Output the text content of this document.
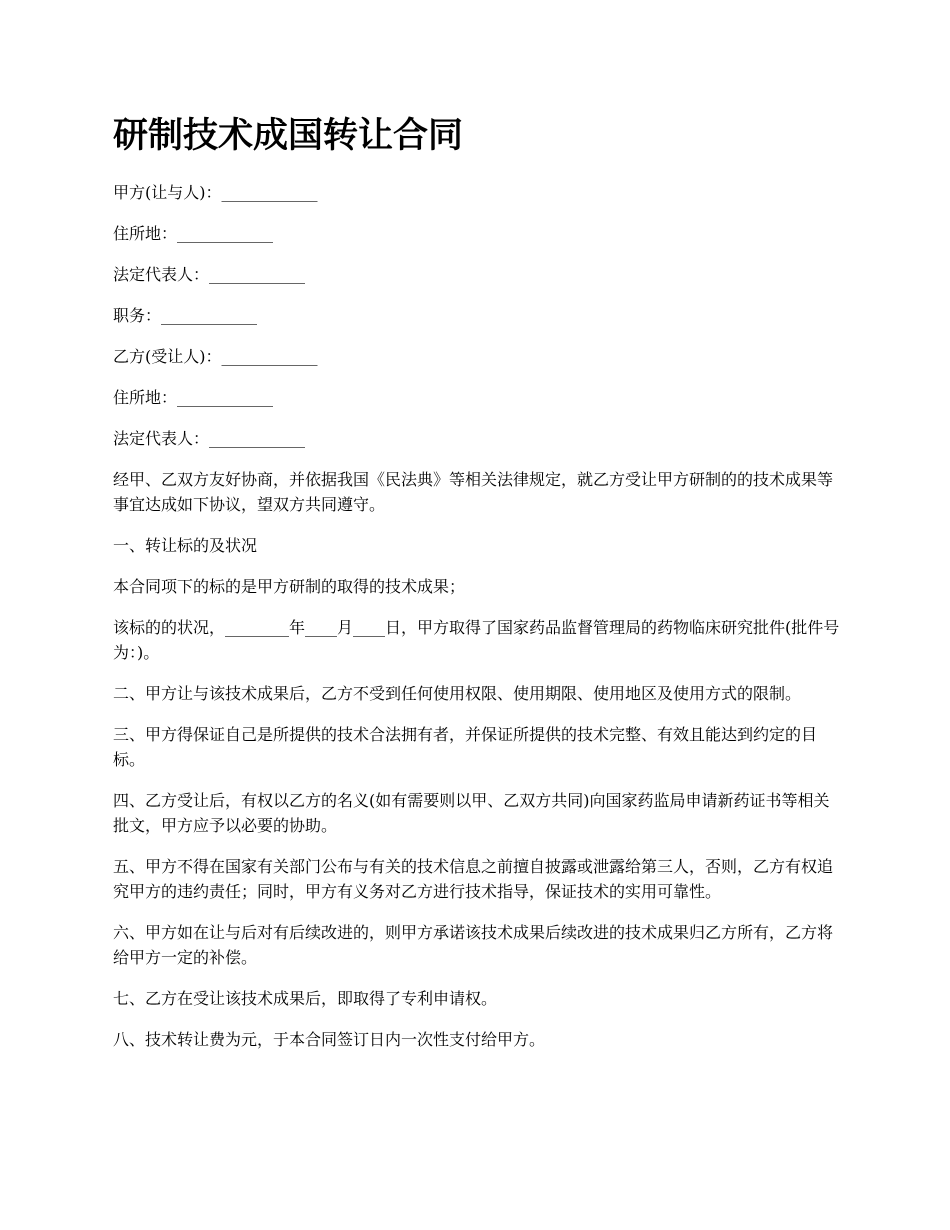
研制技术成国转让合同
甲方(让与人)：____________
住所地：____________
法定代表人：____________
职务：____________
乙方(受让人)：____________
住所地：____________
法定代表人：____________

经甲、乙双方友好协商，并依据我国《民法典》等相关法律规定，就乙方受让甲方研制的的技术成果等事宜达成如下协议，望双方共同遵守。

一、转让标的及状况

本合同项下的标的是甲方研制的取得的技术成果；

该标的的状况，________年____月____日，甲方取得了国家药品监督管理局的药物临床研究批件(批件号为：)。

二、甲方让与该技术成果后，乙方不受到任何使用权限、使用期限、使用地区及使用方式的限制。

三、甲方得保证自己是所提供的技术合法拥有者，并保证所提供的技术完整、有效且能达到约定的目标。

四、乙方受让后，有权以乙方的名义(如有需要则以甲、乙双方共同)向国家药监局申请新药证书等相关批文，甲方应予以必要的协助。

五、甲方不得在国家有关部门公布与有关的技术信息之前擅自披露或泄露给第三人，否则，乙方有权追究甲方的违约责任；同时，甲方有义务对乙方进行技术指导，保证技术的实用可靠性。

六、甲方如在让与后对有后续改进的，则甲方承诺该技术成果后续改进的技术成果归乙方所有，乙方将给甲方一定的补偿。

七、乙方在受让该技术成果后，即取得了专利申请权。

八、技术转让费为元，于本合同签订日内一次性支付给甲方。
